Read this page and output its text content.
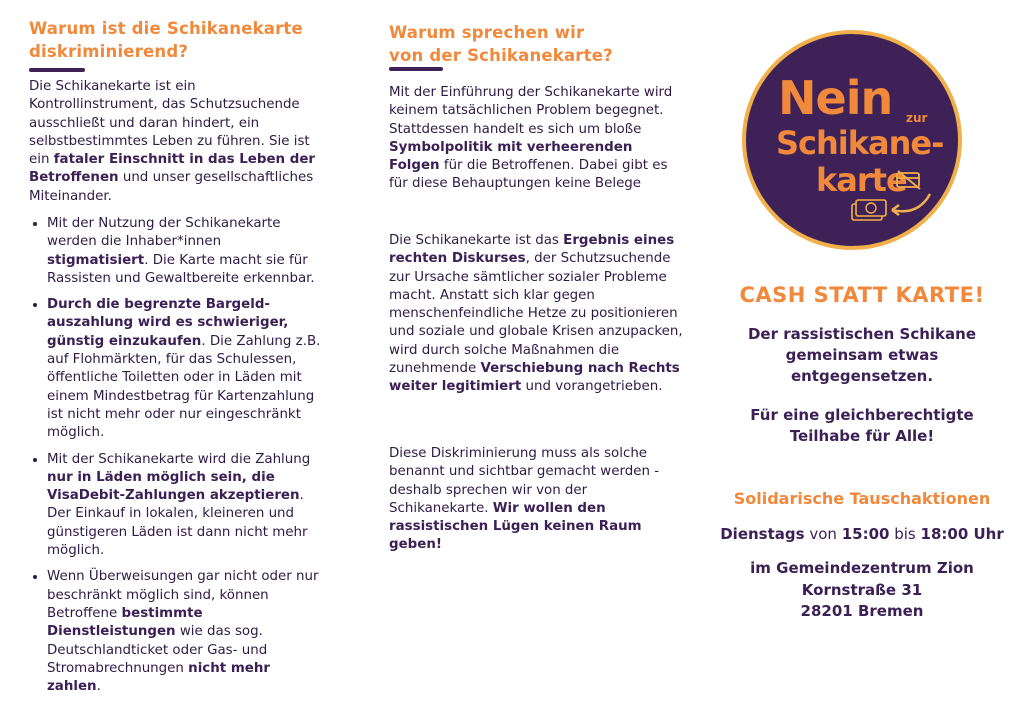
Warum ist die Schikanekarte
diskriminierend?

Die Schikanekarte ist ein Kontrollinstrument, das Schutzsuchende ausschließt und daran hindert, ein selbstbestimmtes Leben zu führen. Sie ist ein fataler Einschnitt in das Leben der Betroffenen und unser gesellschaftliches Miteinander.

• Mit der Nutzung der Schikanekarte werden die Inhaber*innen stigmatisiert. Die Karte macht sie für Rassisten und Gewaltbereite erkennbar.
• Durch die begrenzte Bargeld-auszahlung wird es schwieriger, günstig einzukaufen. Die Zahlung z.B. auf Flohmärkten, für das Schulessen, öffentliche Toiletten oder in Läden mit einem Mindestbetrag für Kartenzahlung ist nicht mehr oder nur eingeschränkt möglich.
• Mit der Schikanekarte wird die Zahlung nur in Läden möglich sein, die VisaDebit-Zahlungen akzeptieren. Der Einkauf in lokalen, kleineren und günstigeren Läden ist dann nicht mehr möglich.
• Wenn Überweisungen gar nicht oder nur beschränkt möglich sind, können Betroffene bestimmte Dienstleistungen wie das sog. Deutschlandticket oder Gas- und Stromabrechnungen nicht mehr zahlen.
Warum sprechen wir
von der Schikanekarte?

Mit der Einführung der Schikanekarte wird keinem tatsächlichen Problem begegnet. Stattdessen handelt es sich um bloße Symbolpolitik mit verheerenden Folgen für die Betroffenen. Dabei gibt es für diese Behauptungen keine Belege

Die Schikanekarte ist das Ergebnis eines rechten Diskurses, der Schutzsuchende zur Ursache sämtlicher sozialer Probleme macht. Anstatt sich klar gegen menschenfeindliche Hetze zu positionieren und soziale und globale Krisen anzupacken, wird durch solche Maßnahmen die zunehmende Verschiebung nach Rechts weiter legitimiert und vorangetrieben.

Diese Diskriminierung muss als solche benannt und sichtbar gemacht werden - deshalb sprechen wir von der Schikanekarte. Wir wollen den rassistischen Lügen keinen Raum geben!

Nein zur
Schikane-
karte
CASH STATT KARTE!
Der rassistischen Schikane gemeinsam etwas entgegensetzen.
Für eine gleichberechtigte Teilhabe für Alle!
Solidarische Tauschaktionen
Dienstags von 15:00 bis 18:00 Uhr
im Gemeindezentrum Zion
Kornstraße 31
28201 Bremen
